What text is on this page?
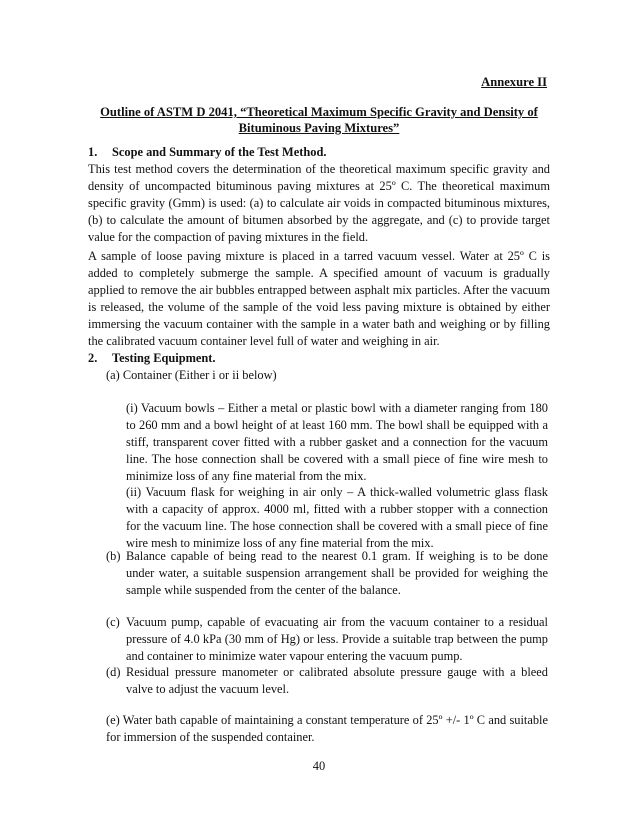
Annexure II
Outline of ASTM D 2041, “Theoretical Maximum Specific Gravity and Density of Bituminous Paving Mixtures”
1.	Scope and Summary of the Test Method.
This test method covers the determination of the theoretical maximum specific gravity and density of uncompacted bituminous paving mixtures at 25º C. The theoretical maximum specific gravity (Gmm) is used: (a) to calculate air voids in compacted bituminous mixtures, (b) to calculate the amount of bitumen absorbed by the aggregate, and (c) to provide target value for the compaction of paving mixtures in the field.
A sample of loose paving mixture is placed in a tarred vacuum vessel. Water at 25º C is added to completely submerge the sample. A specified amount of vacuum is gradually applied to remove the air bubbles entrapped between asphalt mix particles. After the vacuum is released, the volume of the sample of the void less paving mixture is obtained by either immersing the vacuum container with the sample in a water bath and weighing or by filling the calibrated vacuum container level full of water and weighing in air.
2.	Testing Equipment.
(a) Container (Either i or ii below)
(i) Vacuum bowls – Either a metal or plastic bowl with a diameter ranging from 180 to 260 mm and a bowl height of at least 160 mm. The bowl shall be equipped with a stiff, transparent cover fitted with a rubber gasket and a connection for the vacuum line. The hose connection shall be covered with a small piece of fine wire mesh to minimize loss of any fine material from the mix.
(ii) Vacuum flask for weighing in air only – A thick-walled volumetric glass flask with a capacity of approx. 4000 ml, fitted with a rubber stopper with a connection for the vacuum line. The hose connection shall be covered with a small piece of fine wire mesh to minimize loss of any fine material from the mix.
(b) Balance capable of being read to the nearest 0.1 gram. If weighing is to be done under water, a suitable suspension arrangement shall be provided for weighing the sample while suspended from the center of the balance.
(c) Vacuum pump, capable of evacuating air from the vacuum container to a residual pressure of 4.0 kPa (30 mm of Hg) or less. Provide a suitable trap between the pump and container to minimize water vapour entering the vacuum pump.
(d) Residual pressure manometer or calibrated absolute pressure gauge with a bleed valve to adjust the vacuum level.
(e) Water bath capable of maintaining a constant temperature of 25º +/- 1º C and suitable for immersion of the suspended container.
40
